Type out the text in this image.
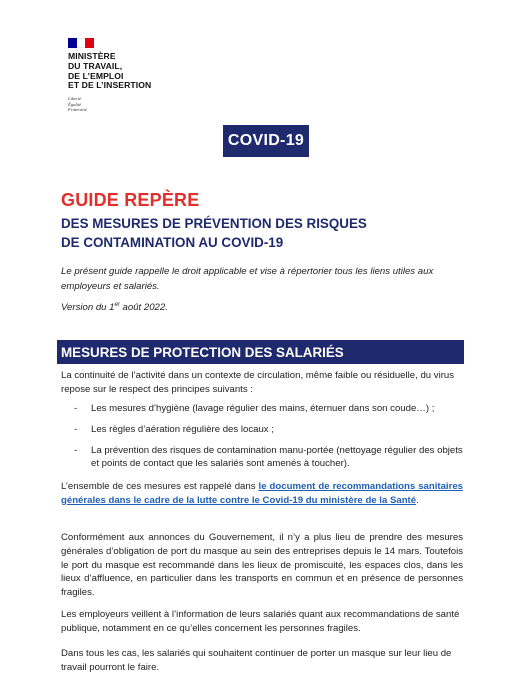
MINISTÈRE
DU TRAVAIL,
DE L’EMPLOI
ET DE L’INSERTION
Liberté
Égalité
Fraternité
COVID-19
GUIDE REPÈRE
DES MESURES DE PRÉVENTION DES RISQUES
DE CONTAMINATION AU COVID-19
Le présent guide rappelle le droit applicable et vise à répertorier tous les liens utiles aux employeurs et salariés.
Version du 1er août 2022.
MESURES DE PROTECTION DES SALARIÉS
La continuité de l’activité dans un contexte de circulation, même faible ou résiduelle, du virus repose sur le respect des principes suivants :
- Les mesures d’hygiène (lavage régulier des mains, éternuer dans son coude…) ;
- Les règles d’aération régulière des locaux ;
- La prévention des risques de contamination manu-portée (nettoyage régulier des objets et points de contact que les salariés sont amenés à toucher).
L’ensemble de ces mesures est rappelé dans le document de recommandations sanitaires générales dans le cadre de la lutte contre le Covid-19 du ministère de la Santé.
Conformément aux annonces du Gouvernement, il n’y a plus lieu de prendre des mesures générales d’obligation de port du masque au sein des entreprises depuis le 14 mars. Toutefois le port du masque est recommandé dans les lieux de promiscuité, les espaces clos, dans les lieux d’affluence, en particulier dans les transports en commun et en présence de personnes fragiles.
Les employeurs veillent à l’information de leurs salariés quant aux recommandations de santé publique, notamment en ce qu’elles concernent les personnes fragiles.
Dans tous les cas, les salariés qui souhaitent continuer de porter un masque sur leur lieu de travail pourront le faire.
